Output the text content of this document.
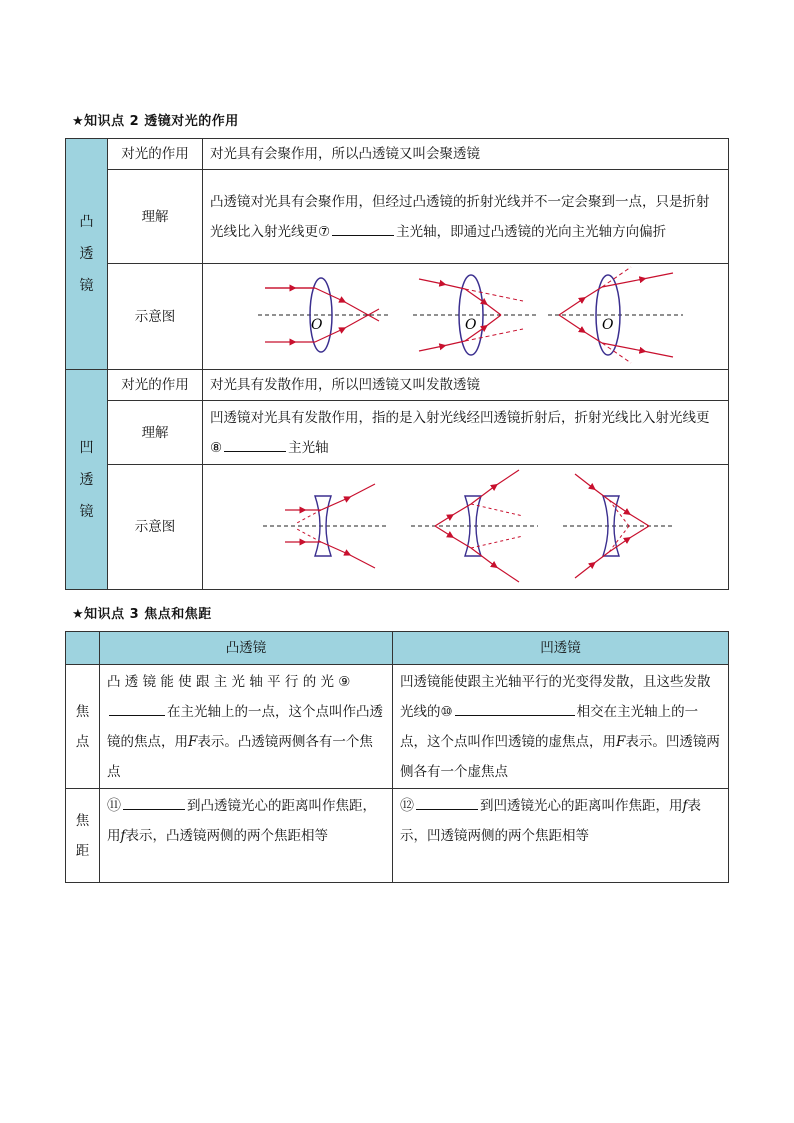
★知识点 2 透镜对光的作用
凸
透
镜	对光的作用	对光具有会聚作用，所以凸透镜又叫会聚透镜
	理解	凸透镜对光具有会聚作用，但经过凸透镜的折射光线并不一定会聚到一点，只是折射光线比入射光线更⑦ 主光轴，即通过凸透镜的光向主光轴方向偏折
	示意图	O O O

凹
透
镜	对光的作用	对光具有发散作用，所以凹透镜又叫发散透镜
	理解	凹透镜对光具有发散作用，指的是入射光线经凹透镜折射后，折射光线比入射光线更⑧ 主光轴
	示意图	
★知识点 3 焦点和焦距
	凸透镜	凹透镜
焦点	凸 透 镜 能 使 跟 主 光 轴 平 行 的 光 ⑨在主光轴上的一点，这个点叫作凸透镜的焦点，用F表示。凸透镜两侧各有一个焦点	凹透镜能使跟主光轴平行的光变得发散，且这些发散光线的⑩ 相交在主光轴上的一点，这个点叫作凹透镜的虚焦点，用F表示。凹透镜两侧各有一个虚焦点
焦距	⑪ 到凸透镜光心的距离叫作焦距，用f表示，凸透镜两侧的两个焦距相等	⑫ 到凹透镜光心的距离叫作焦距，用f表示，凹透镜两侧的两个焦距相等
